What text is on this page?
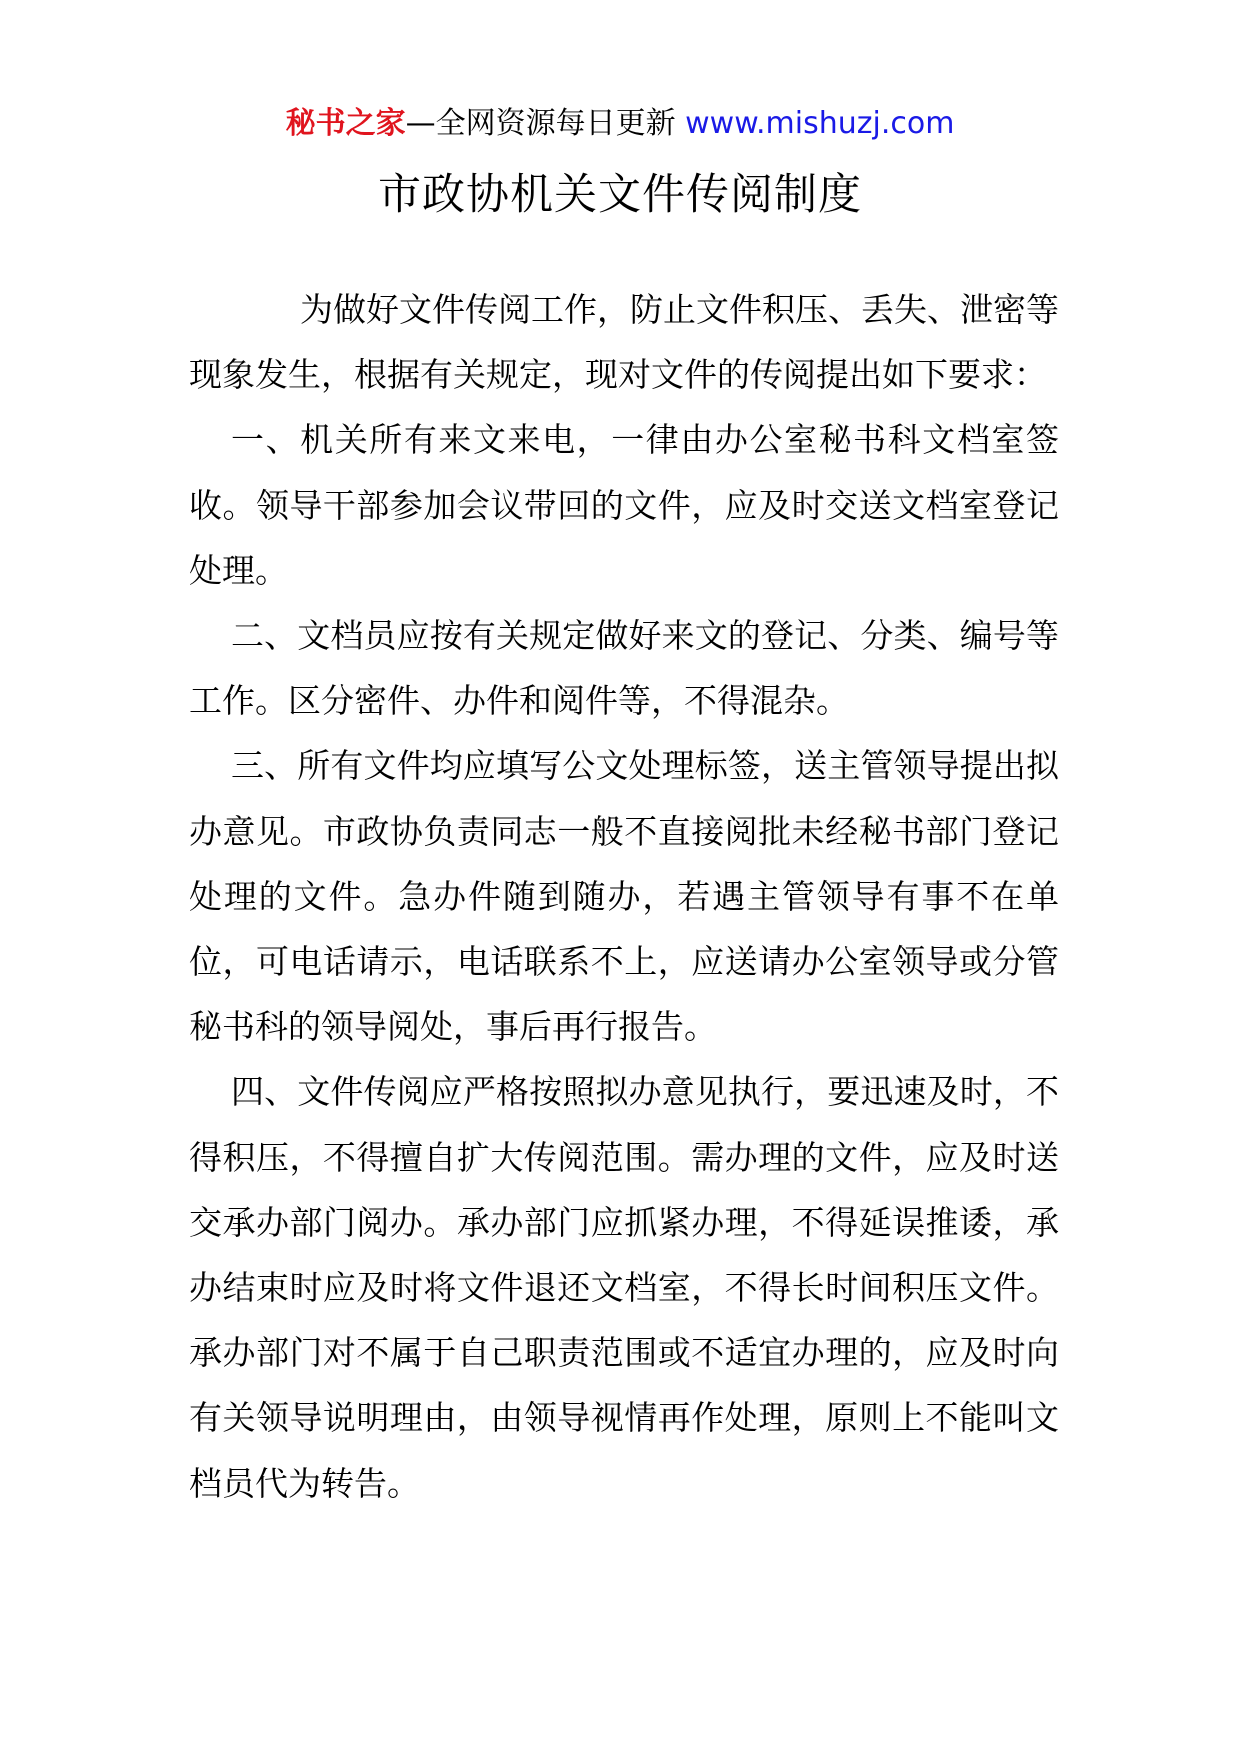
秘书之家—全网资源每日更新 www.mishuzj.com
市政协机关文件传阅制度

为做好文件传阅工作，防止文件积压、丢失、泄密等现象发生，根据有关规定，现对文件的传阅提出如下要求：

一、机关所有来文来电，一律由办公室秘书科文档室签收。领导干部参加会议带回的文件，应及时交送文档室登记处理。

二、文档员应按有关规定做好来文的登记、分类、编号等工作。区分密件、办件和阅件等，不得混杂。

三、所有文件均应填写公文处理标签，送主管领导提出拟办意见。市政协负责同志一般不直接阅批未经秘书部门登记处理的文件。急办件随到随办，若遇主管领导有事不在单位，可电话请示，电话联系不上，应送请办公室领导或分管秘书科的领导阅处，事后再行报告。

四、文件传阅应严格按照拟办意见执行，要迅速及时，不得积压，不得擅自扩大传阅范围。需办理的文件，应及时送交承办部门阅办。承办部门应抓紧办理，不得延误推诿，承办结束时应及时将文件退还文档室，不得长时间积压文件。承办部门对不属于自己职责范围或不适宜办理的，应及时向有关领导说明理由，由领导视情再作处理，原则上不能叫文档员代为转告。
